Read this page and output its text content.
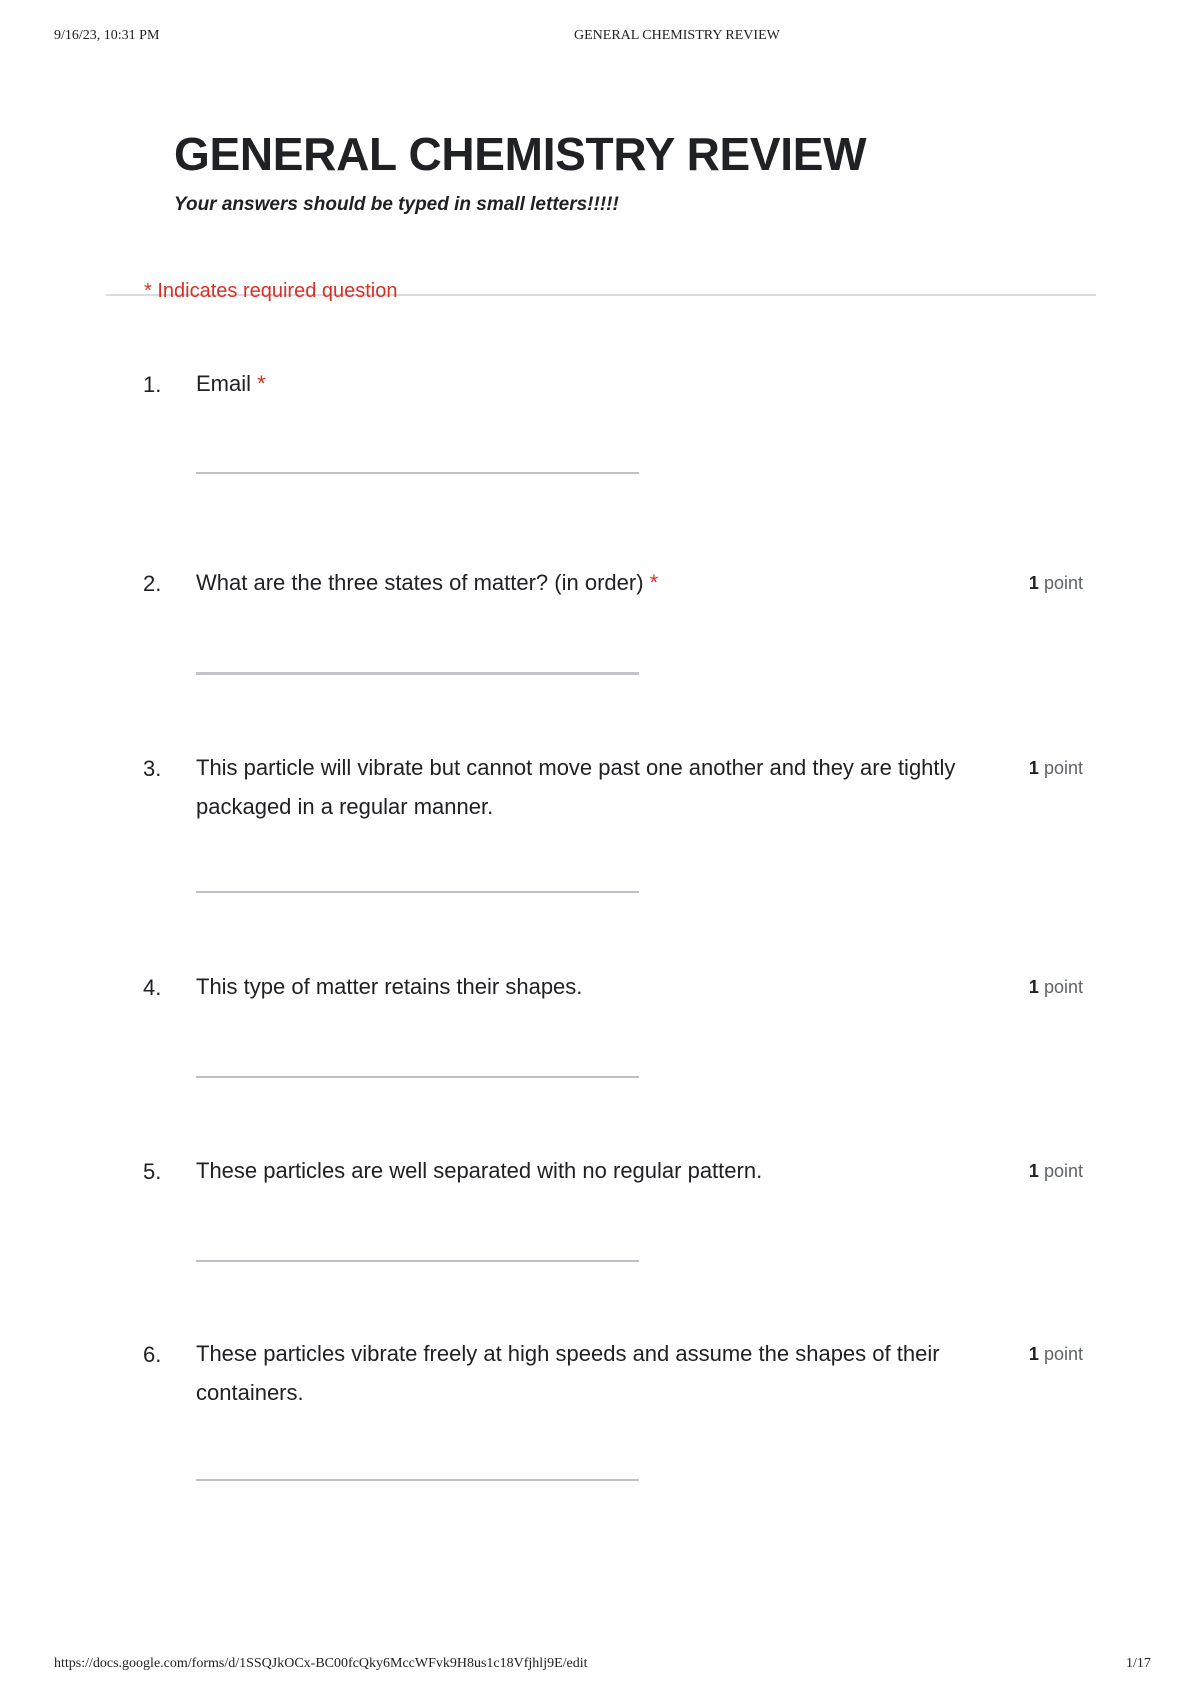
9/16/23, 10:31 PM	GENERAL CHEMISTRY REVIEW
GENERAL CHEMISTRY REVIEW
Your answers should be typed in small letters!!!!!
* Indicates required question
1. Email *
2. What are the three states of matter? (in order) *	1 point
3. This particle will vibrate but cannot move past one another and they are tightly packaged in a regular manner.
1 point
4. This type of matter retains their shapes.	1 point
5. These particles are well separated with no regular pattern.	1 point
6. These particles vibrate freely at high speeds and assume the shapes of their containers.
1 point
https://docs.google.com/forms/d/1SSQJkOCx-BC00fcQky6MccWFvk9H8us1c18Vfjhlj9E/edit	1/17
